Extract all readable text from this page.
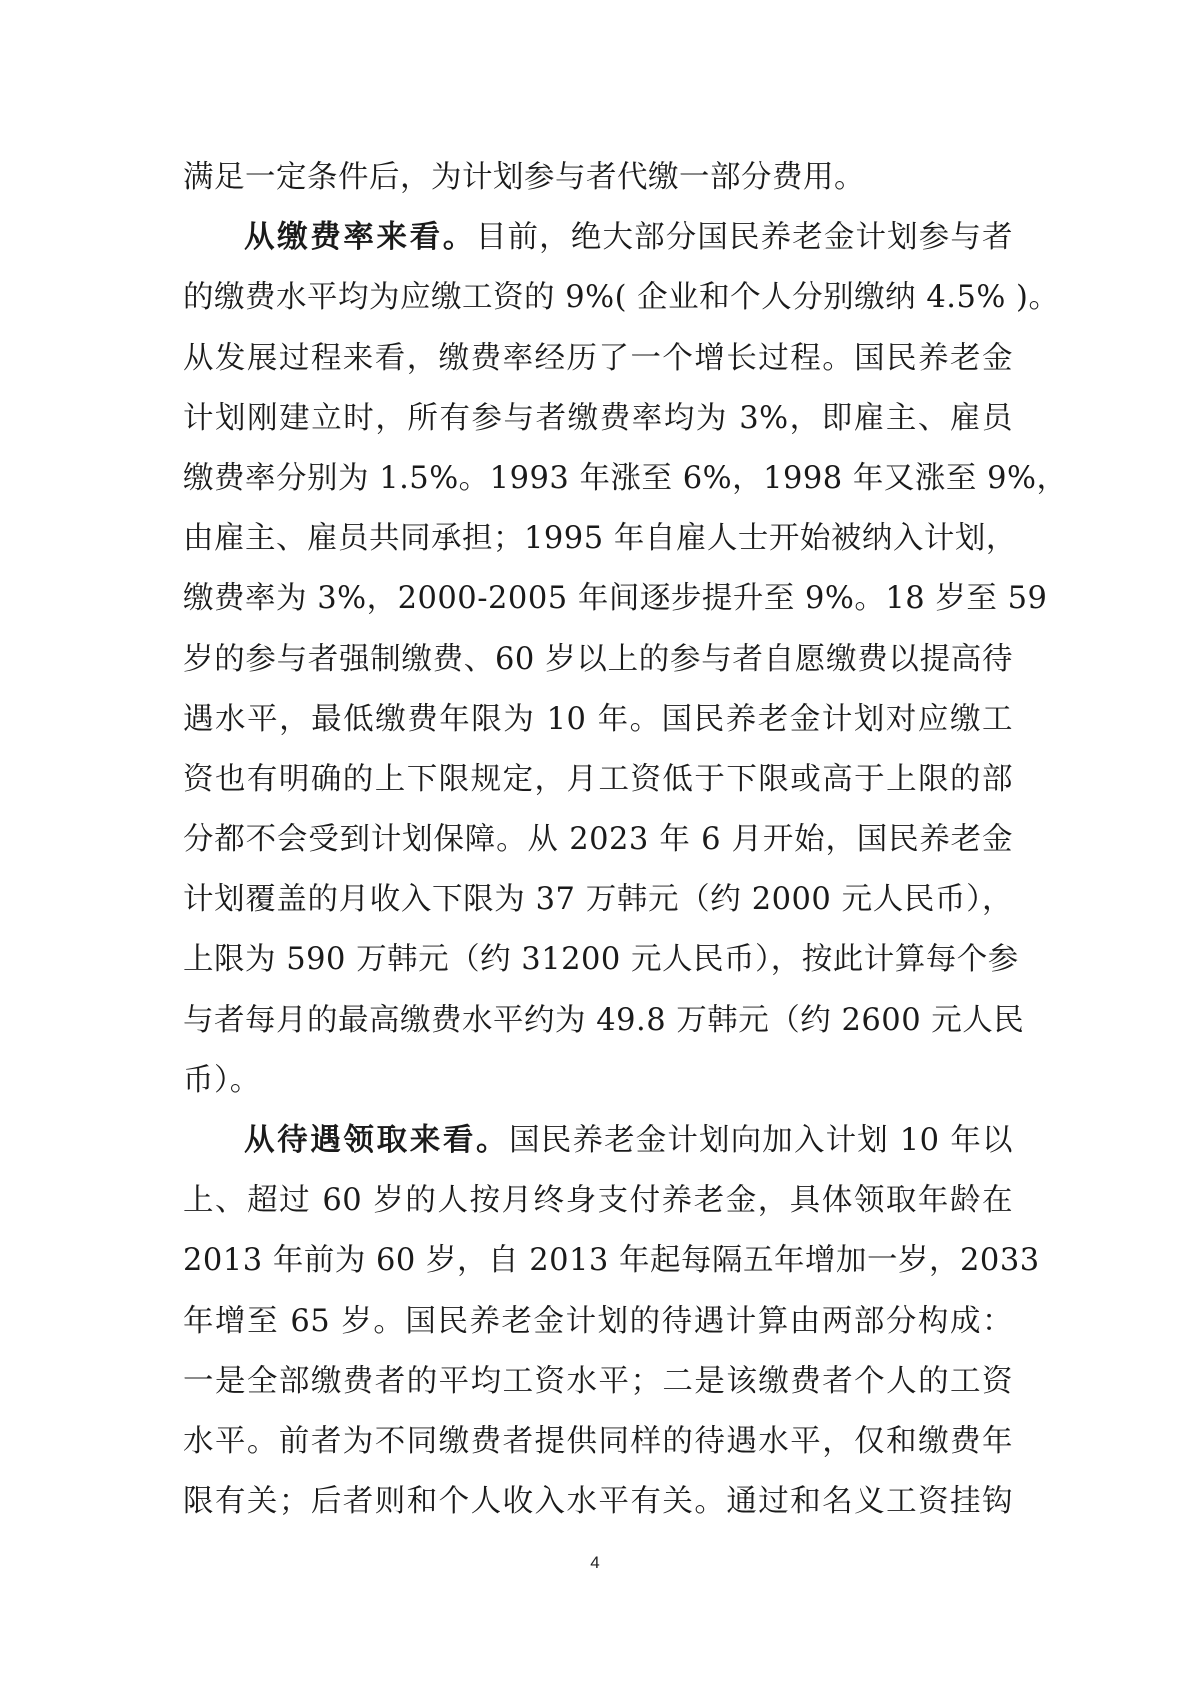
满足一定条件后，为计划参与者代缴一部分费用。
从缴费率来看。目前，绝大部分国民养老金计划参与者
的缴费水平均为应缴工资的 9%( 企业和个人分别缴纳 4.5% )。
从发展过程来看，缴费率经历了一个增长过程。国民养老金
计划刚建立时，所有参与者缴费率均为 3%，即雇主、雇员
缴费率分别为 1.5%。1993 年涨至 6%，1998 年又涨至 9%，
由雇主、雇员共同承担；1995 年自雇人士开始被纳入计划，
缴费率为 3%，2000-2005 年间逐步提升至 9%。18 岁至 59
岁的参与者强制缴费、60 岁以上的参与者自愿缴费以提高待
遇水平，最低缴费年限为 10 年。国民养老金计划对应缴工
资也有明确的上下限规定，月工资低于下限或高于上限的部
分都不会受到计划保障。从 2023 年 6 月开始，国民养老金
计划覆盖的月收入下限为 37 万韩元（约 2000 元人民币），
上限为 590 万韩元（约 31200 元人民币），按此计算每个参
与者每月的最高缴费水平约为 49.8 万韩元（约 2600 元人民
币）。
从待遇领取来看。国民养老金计划向加入计划 10 年以
上、超过 60 岁的人按月终身支付养老金，具体领取年龄在
2013 年前为 60 岁，自 2013 年起每隔五年增加一岁，2033
年增至 65 岁。国民养老金计划的待遇计算由两部分构成：
一是全部缴费者的平均工资水平；二是该缴费者个人的工资
水平。前者为不同缴费者提供同样的待遇水平，仅和缴费年
限有关；后者则和个人收入水平有关。通过和名义工资挂钩
4
